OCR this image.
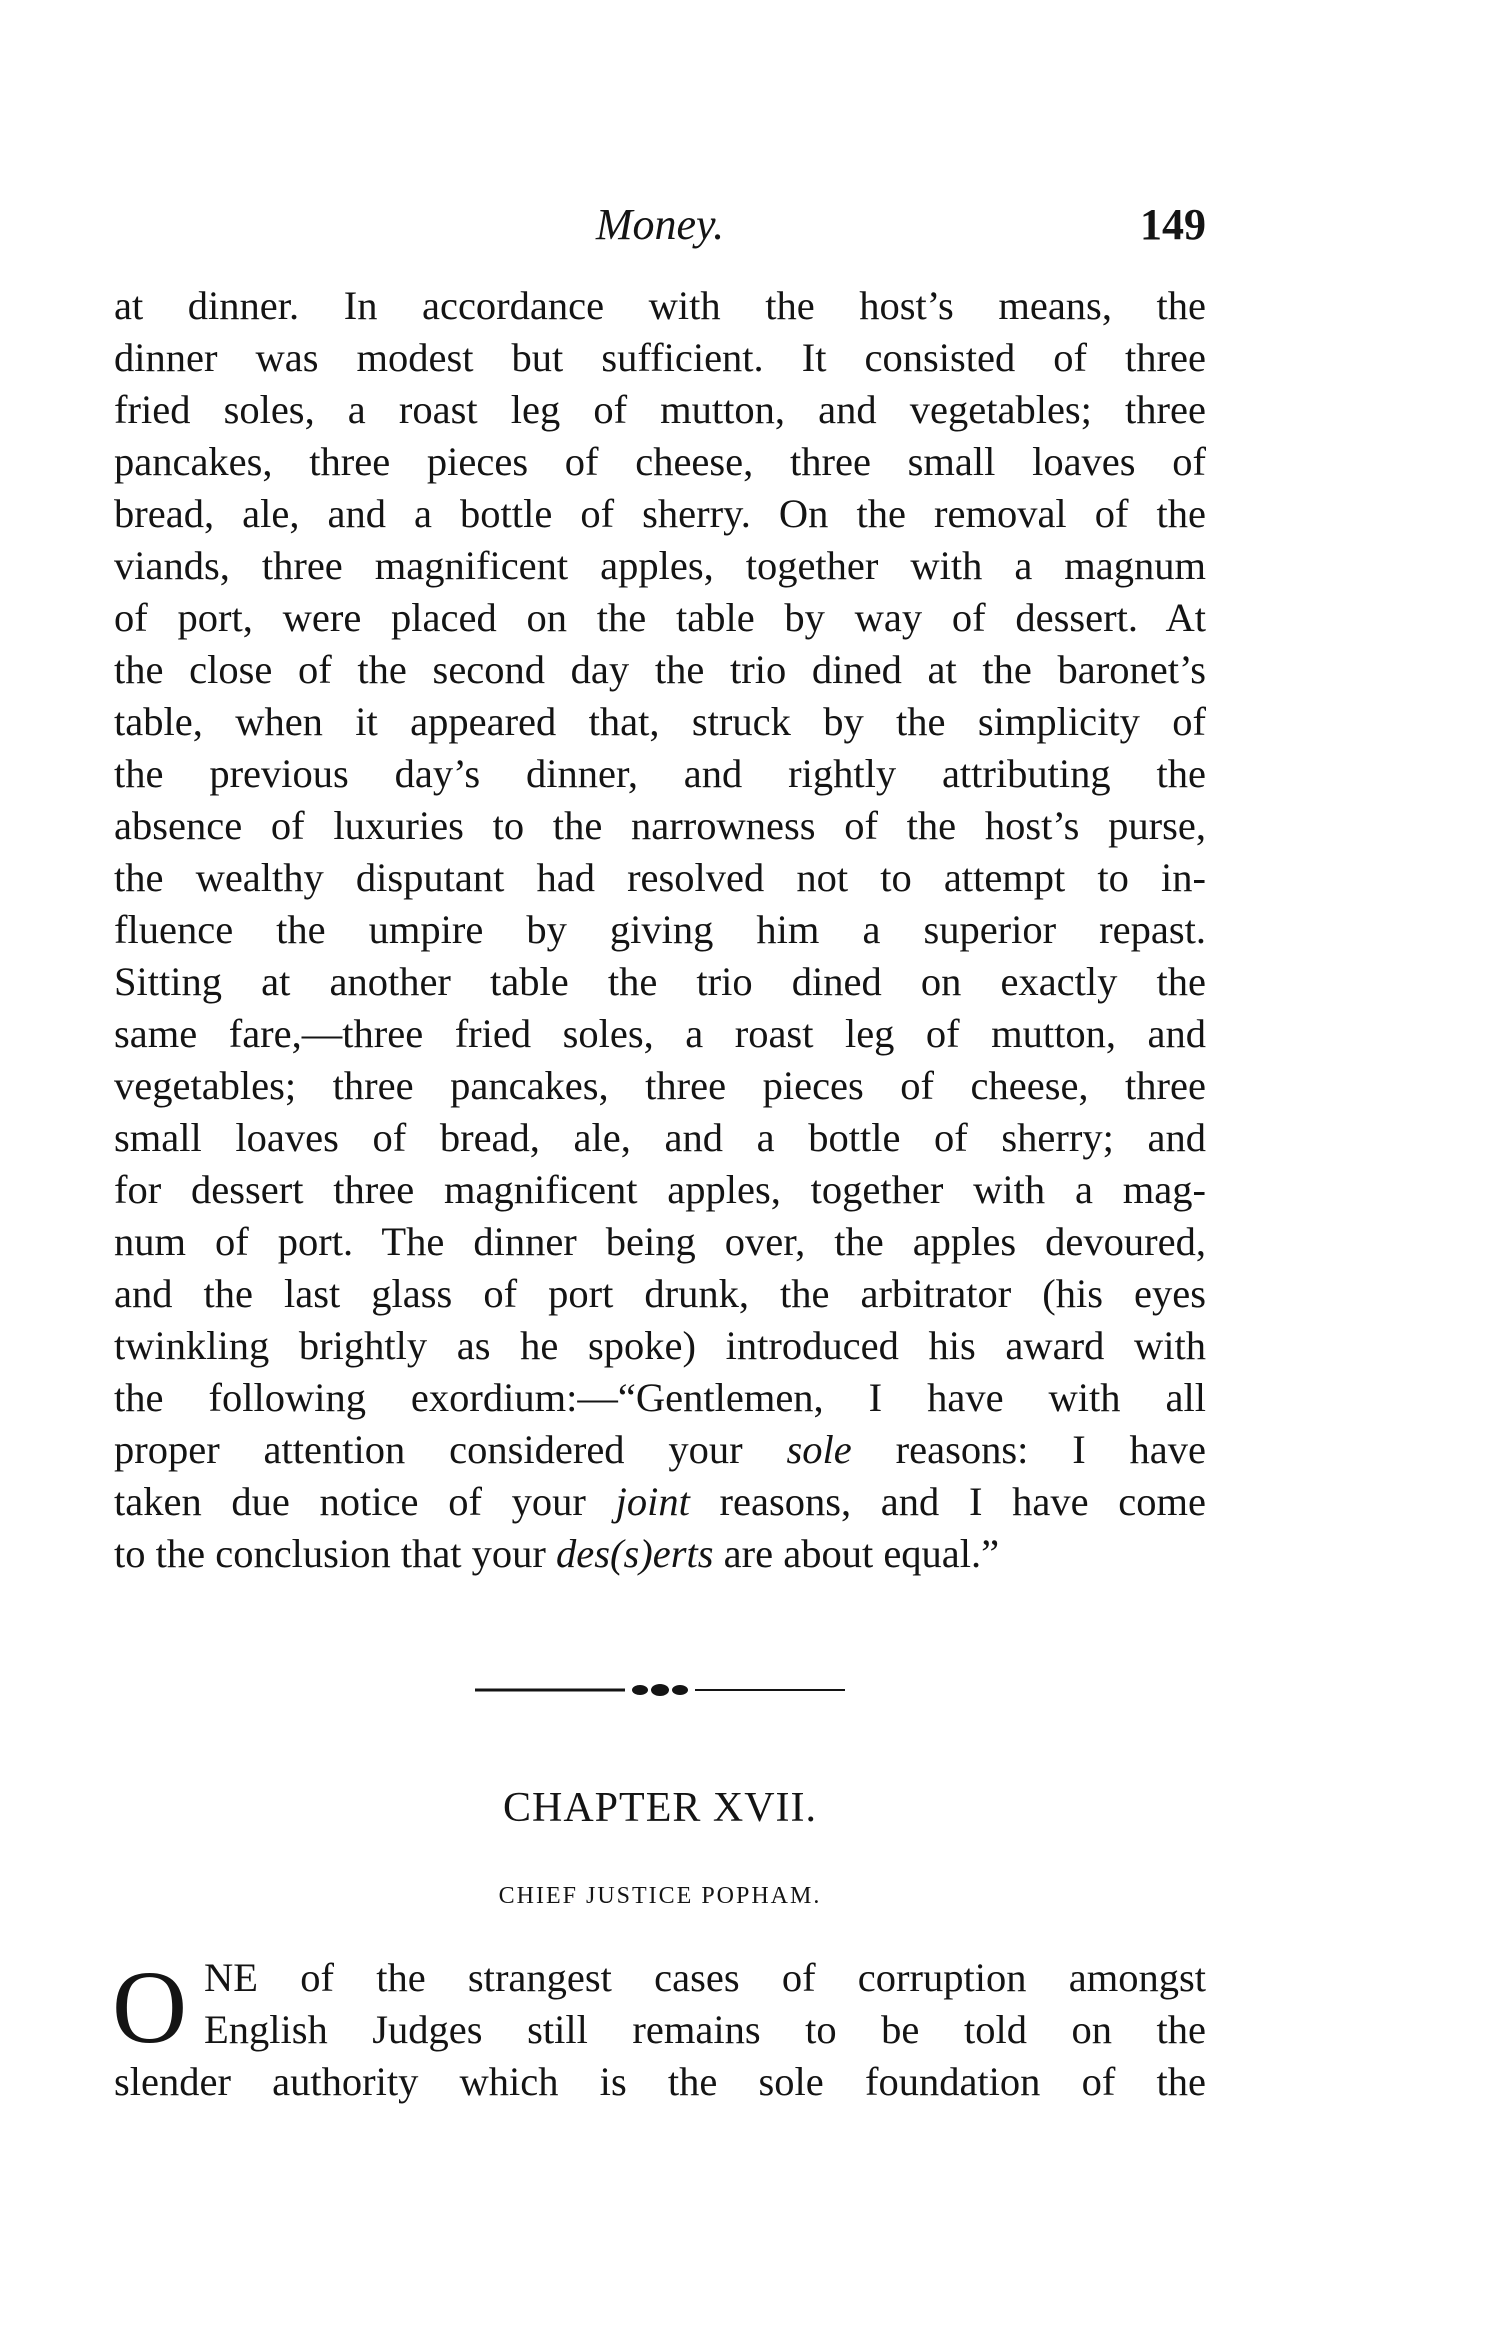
Money.	149
at dinner. In accordance with the host’s means, the
dinner was modest but sufficient. It consisted of three
fried soles, a roast leg of mutton, and vegetables; three
pancakes, three pieces of cheese, three small loaves of
bread, ale, and a bottle of sherry. On the removal of the
viands, three magnificent apples, together with a magnum
of port, were placed on the table by way of dessert. At
the close of the second day the trio dined at the baronet’s
table, when it appeared that, struck by the simplicity of
the previous day’s dinner, and rightly attributing the
absence of luxuries to the narrowness of the host’s purse,
the wealthy disputant had resolved not to attempt to in-
fluence the umpire by giving him a superior repast.
Sitting at another table the trio dined on exactly the
same fare,—three fried soles, a roast leg of mutton, and
vegetables; three pancakes, three pieces of cheese, three
small loaves of bread, ale, and a bottle of sherry; and
for dessert three magnificent apples, together with a mag-
num of port. The dinner being over, the apples devoured,
and the last glass of port drunk, the arbitrator (his eyes
twinkling brightly as he spoke) introduced his award with
the following exordium:—“Gentlemen, I have with all
proper attention considered your sole reasons: I have
taken due notice of your joint reasons, and I have come
to the conclusion that your des(s)erts are about equal.”
CHAPTER XVII.
CHIEF JUSTICE POPHAM.
O NE of the strangest cases of corruption amongst
English Judges still remains to be told on the
slender authority which is the sole foundation of the
